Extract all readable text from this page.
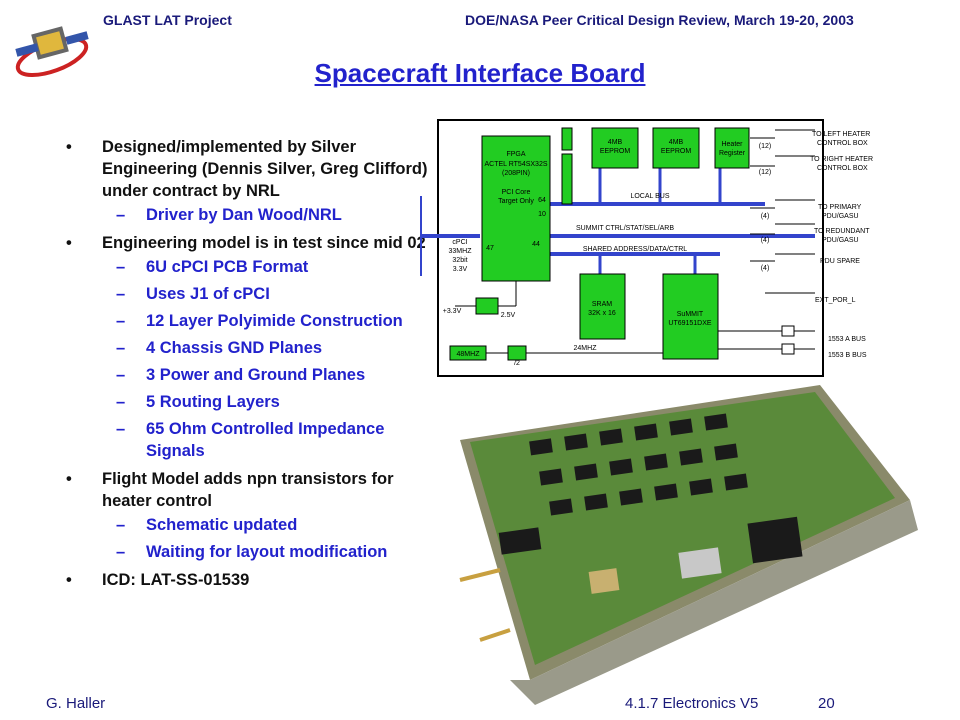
GLAST LAT Project	DOE/NASA Peer Critical Design Review, March 19-20, 2003
Spacecraft Interface Board
• Designed/implemented by Silver Engineering (Dennis Silver, Greg Clifford) under contract by NRL
– Driver by Dan Wood/NRL
• Engineering model is in test since mid 02
– 6U cPCI PCB Format
– Uses J1 of cPCI
– 12 Layer Polyimide Construction
– 4 Chassis GND Planes
– 3 Power and Ground Planes
– 5 Routing Layers
– 65 Ohm Controlled Impedance Signals
• Flight Model adds npn transistors for heater control
– Schematic updated
– Waiting for layout modification
• ICD: LAT-SS-01539
FPGA
ACTEL RT54SX32S
(208PIN)
PCI Core
Target Only
4MB
EEPROM
4MB
EEPROM
Heater
Register
SRAM
32K x 16	SuMMIT
UT69151DXE
LOCAL BUS
SUMMIT CTRL/STAT/SEL/ARB
SHARED ADDRESS/DATA/CTRL
cPCI
33MHZ
32bit
3.3V
64
10
47
44
+3.3V
2.5V
48MHZ
/2
24MHZ
(12)
(12)
(4)
(4)
(4)
TO LEFT HEATER
CONTROL BOX
TO RIGHT HEATER
CONTROL BOX
TO PRIMARY
PDU/GASU
TO REDUNDANT
PDU/GASU
PDU SPARE
EXT_POR_L
1553 A BUS
1553 B BUS
G. Haller	4.1.7 Electronics V5	20
